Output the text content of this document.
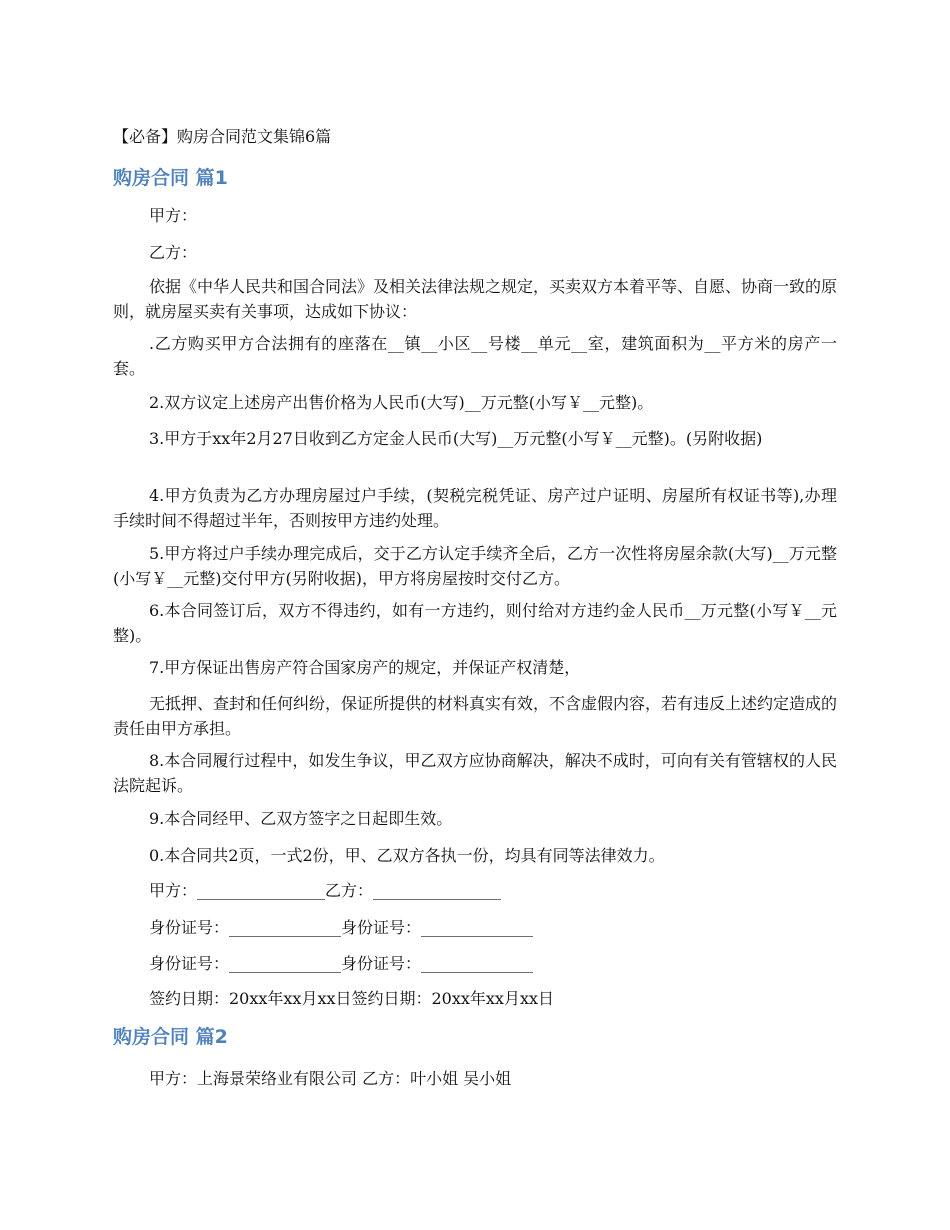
【必备】购房合同范文集锦6篇
购房合同 篇1

甲方：

乙方：

依据《中华人民共和国合同法》及相关法律法规之规定，买卖双方本着平等、自愿、协商一致的原则，就房屋买卖有关事项，达成如下协议：

.乙方购买甲方合法拥有的座落在__镇__小区__号楼__单元__室，建筑面积为__平方米的房产一套。

2.双方议定上述房产出售价格为人民币(大写)__万元整(小写￥__元整)。

3.甲方于xx年2月27日收到乙方定金人民币(大写)__万元整(小写￥__元整)。(另附收据)

4.甲方负责为乙方办理房屋过户手续，(契税完税凭证、房产过户证明、房屋所有权证书等),办理手续时间不得超过半年，否则按甲方违约处理。

5.甲方将过户手续办理完成后，交于乙方认定手续齐全后，乙方一次性将房屋余款(大写)__万元整(小写￥__元整)交付甲方(另附收据)，甲方将房屋按时交付乙方。

6.本合同签订后，双方不得违约，如有一方违约，则付给对方违约金人民币__万元整(小写￥__元整)。

7.甲方保证出售房产符合国家房产的规定，并保证产权清楚，

无抵押、查封和任何纠纷，保证所提供的材料真实有效，不含虚假内容，若有违反上述约定造成的责任由甲方承担。

8.本合同履行过程中，如发生争议，甲乙双方应协商解决，解决不成时，可向有关有管辖权的人民法院起诉。

9.本合同经甲、乙双方签字之日起即生效。

0.本合同共2页，一式2份，甲、乙双方各执一份，均具有同等法律效力。

甲方：________________乙方：________________
身份证号：______________身份证号：______________
身份证号：______________身份证号：______________
签约日期：20xx年xx月xx日签约日期：20xx年xx月xx日
购房合同 篇2

甲方：上海景荣络业有限公司 乙方：叶小姐 吴小姐
